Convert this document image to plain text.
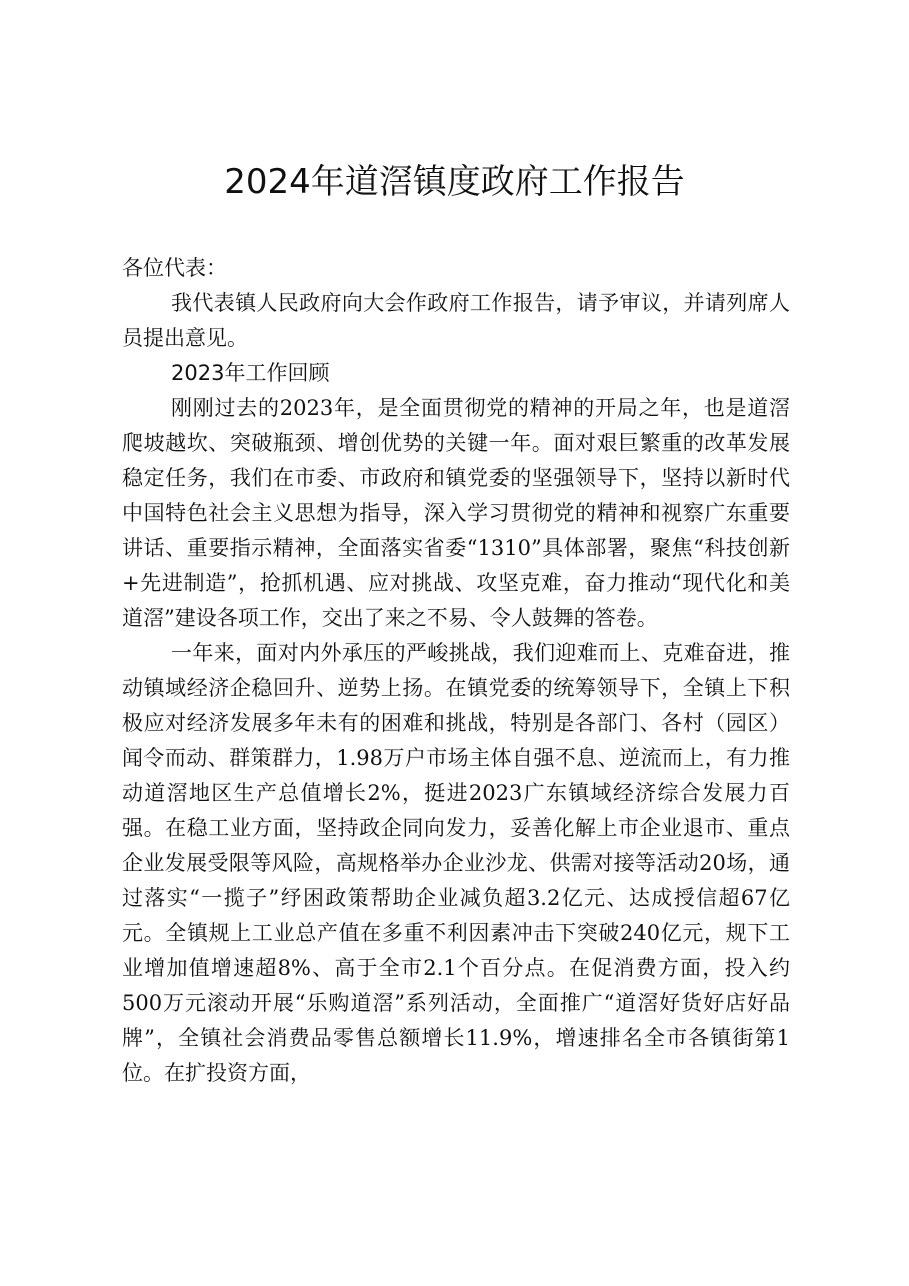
2024年道滘镇度政府工作报告

各位代表：

我代表镇人民政府向大会作政府工作报告，请予审议，并请列席人员提出意见。

2023年工作回顾

刚刚过去的2023年，是全面贯彻党的精神的开局之年，也是道滘爬坡越坎、突破瓶颈、增创优势的关键一年。面对艰巨繁重的改革发展稳定任务，我们在市委、市政府和镇党委的坚强领导下，坚持以新时代中国特色社会主义思想为指导，深入学习贯彻党的精神和视察广东重要讲话、重要指示精神，全面落实省委“1310”具体部署，聚焦“科技创新+先进制造”，抢抓机遇、应对挑战、攻坚克难，奋力推动“现代化和美道滘”建设各项工作，交出了来之不易、令人鼓舞的答卷。

一年来，面对内外承压的严峻挑战，我们迎难而上、克难奋进，推动镇域经济企稳回升、逆势上扬。在镇党委的统筹领导下，全镇上下积极应对经济发展多年未有的困难和挑战，特别是各部门、各村（园区）闻令而动、群策群力，1.98万户市场主体自强不息、逆流而上，有力推动道滘地区生产总值增长2%，挺进2023广东镇域经济综合发展力百强。在稳工业方面，坚持政企同向发力，妥善化解上市企业退市、重点企业发展受限等风险，高规格举办企业沙龙、供需对接等活动20场，通过落实“一揽子”纾困政策帮助企业减负超3.2亿元、达成授信超67亿元。全镇规上工业总产值在多重不利因素冲击下突破240亿元，规下工业增加值增速超8%、高于全市2.1个百分点。在促消费方面，投入约500万元滚动开展“乐购道滘”系列活动，全面推广“道滘好货好店好品牌”，全镇社会消费品零售总额增长11.9%，增速排名全市各镇街第1位。在扩投资方面，
